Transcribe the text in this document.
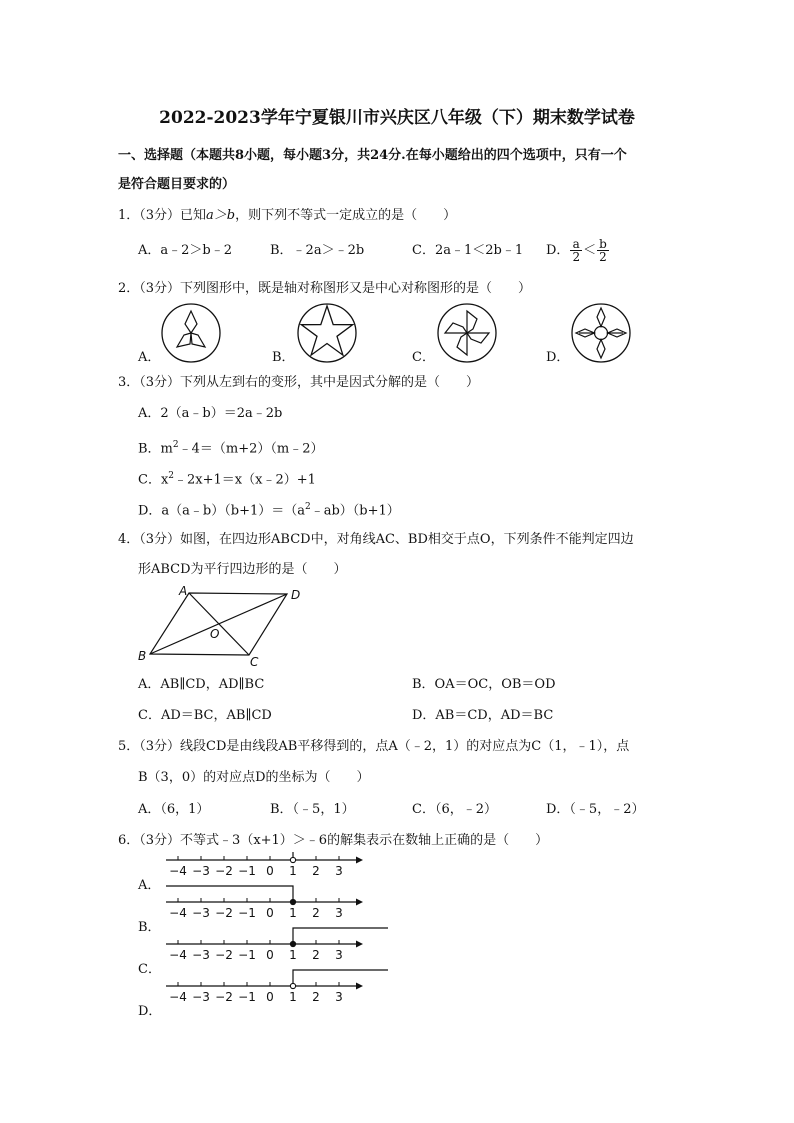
2022-2023学年宁夏银川市兴庆区八年级（下）期末数学试卷
一、选择题（本题共8小题，每小题3分，共24分.在每小题给出的四个选项中，只有一个
是符合题目要求的）
1．（3分）已知a＞b，则下列不等式一定成立的是（　　）
A．a﹣2＞b﹣2	B．﹣2a＞﹣2b	C．2a﹣1＜2b﹣1 D． $\frac{a}{2} < \frac{b}{2}$
2．（3分）下列图形中，既是轴对称图形又是中心对称图形的是（　　）
A．	B．	C．	D．
3．（3分）下列从左到右的变形，其中是因式分解的是（　　）
A．2（a﹣b）＝2a﹣2b
B．$m^2﹣4=(m+2)(m﹣2)$
C．$x^2﹣2x+1=x(x﹣2)+1$
D．$a(a﹣b)(b+1)=(a^2﹣ab)(b+1)$
4．（3分）如图，在四边形ABCD中，对角线AC、BD相交于点O，下列条件不能判定四边
形ABCD为平行四边形的是（　　）
A	D
B	C
O
A．AB∥CD，AD∥BC	B．OA＝OC，OB＝OD
C．AD＝BC，AB∥CD	D．AB＝CD，AD＝BC
5．（3分）线段CD是由线段AB平移得到的，点A（﹣2，1）的对应点为C（1，﹣1），点
B（3，0）的对应点D的坐标为（　　）
A．（6，1）	B．（﹣5，1）	C．（6，﹣2）	D．（﹣5，﹣2）
6．（3分）不等式﹣3（x+1）＞﹣6的解集表示在数轴上正确的是（　　）
A．
B．
C．
D．
−4 −3 −2 −1 0 1 2 3
−4 −3 −2 −1 0 1 2 3
−4 −3 −2 −1 0 1 2 3
−4 −3 −2 −1 0 1 2 3
